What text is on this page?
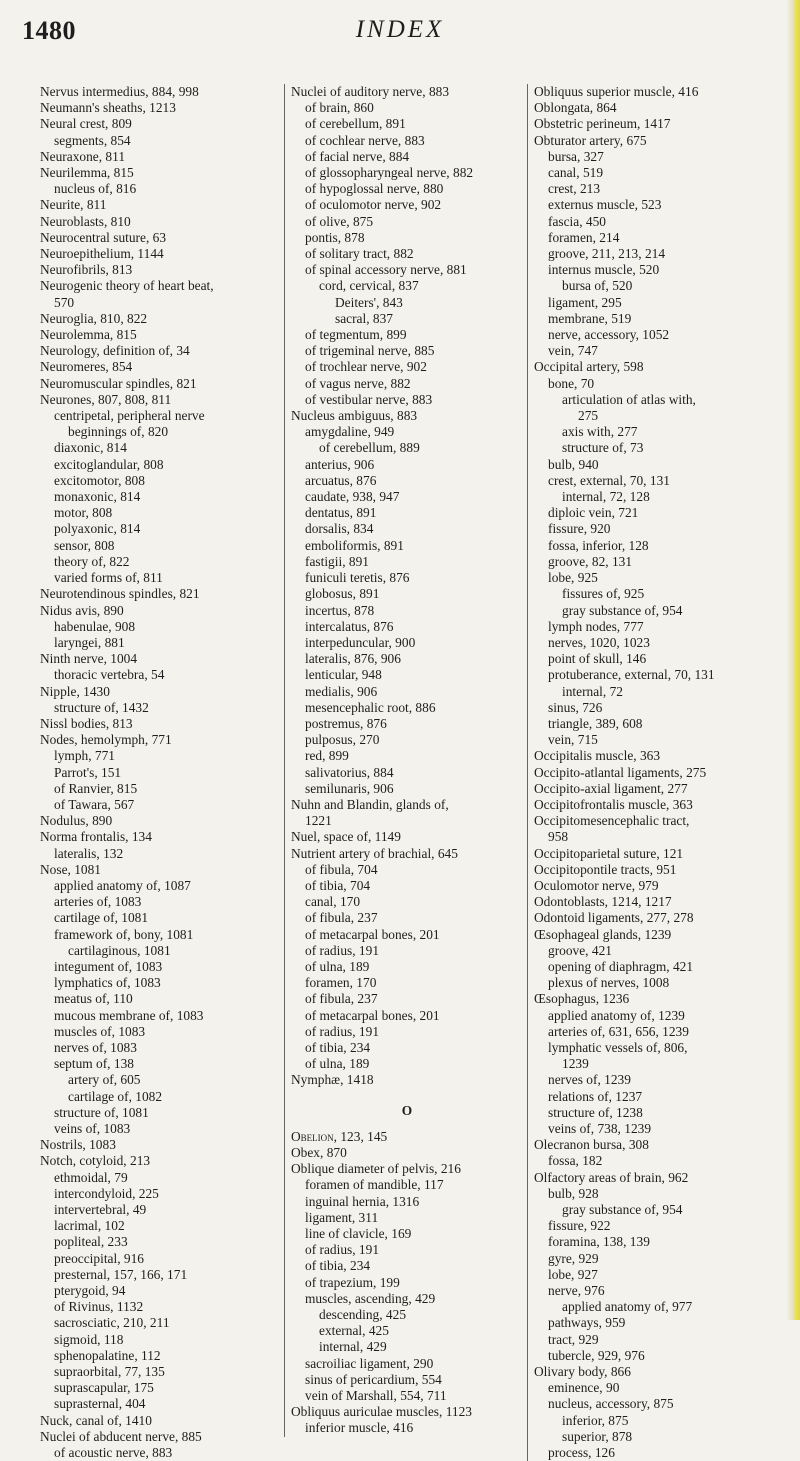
1480	INDEX
Nervus intermedius, 884, 998
Neumann's sheaths, 1213
Neural crest, 809
segments, 854
Neuraxone, 811
Neurilemma, 815
nucleus of, 816
Neurite, 811
Neuroblasts, 810
Neurocentral suture, 63
Neuroepithelium, 1144
Neurofibrils, 813
Neurogenic theory of heart beat,
570
Neuroglia, 810, 822
Neurolemma, 815
Neurology, definition of, 34
Neuromeres, 854
Neuromuscular spindles, 821
Neurones, 807, 808, 811
centripetal, peripheral nerve
beginnings of, 820
diaxonic, 814
excitoglandular, 808
excitomotor, 808
monaxonic, 814
motor, 808
polyaxonic, 814
sensor, 808
theory of, 822
varied forms of, 811
Neurotendinous spindles, 821
Nidus avis, 890
habenulae, 908
laryngei, 881
Ninth nerve, 1004
thoracic vertebra, 54
Nipple, 1430
structure of, 1432
Nissl bodies, 813
Nodes, hemolymph, 771
lymph, 771
Parrot's, 151
of Ranvier, 815
of Tawara, 567
Nodulus, 890
Norma frontalis, 134
lateralis, 132
Nose, 1081
applied anatomy of, 1087
arteries of, 1083
cartilage of, 1081
framework of, bony, 1081
cartilaginous, 1081
integument of, 1083
lymphatics of, 1083
meatus of, 110
mucous membrane of, 1083
muscles of, 1083
nerves of, 1083
septum of, 138
artery of, 605
cartilage of, 1082
structure of, 1081
veins of, 1083
Nostrils, 1083
Notch, cotyloid, 213
ethmoidal, 79
intercondyloid, 225
intervertebral, 49
lacrimal, 102
popliteal, 233
preoccipital, 916
presternal, 157, 166, 171
pterygoid, 94
of Rivinus, 1132
sacrosciatic, 210, 211
sigmoid, 118
sphenopalatine, 112
supraorbital, 77, 135
suprascapular, 175
suprasternal, 404
Nuck, canal of, 1410
Nuclei of abducent nerve, 885
of acoustic nerve, 883
Nuclei of auditory nerve, 883
of brain, 860
of cerebellum, 891
of cochlear nerve, 883
of facial nerve, 884
of glossopharyngeal nerve, 882
of hypoglossal nerve, 880
of oculomotor nerve, 902
of olive, 875
pontis, 878
of solitary tract, 882
of spinal accessory nerve, 881
cord, cervical, 837
Deiters', 843
sacral, 837
of tegmentum, 899
of trigeminal nerve, 885
of trochlear nerve, 902
of vagus nerve, 882
of vestibular nerve, 883
Nucleus ambiguus, 883
amygdaline, 949
of cerebellum, 889
anterius, 906
arcuatus, 876
caudate, 938, 947
dentatus, 891
dorsalis, 834
emboliformis, 891
fastigii, 891
funiculi teretis, 876
globosus, 891
incertus, 878
intercalatus, 876
interpeduncular, 900
lateralis, 876, 906
lenticular, 948
medialis, 906
mesencephalic root, 886
postremus, 876
pulposus, 270
red, 899
salivatorius, 884
semilunaris, 906
Nuhn and Blandin, glands of,
1221
Nuel, space of, 1149
Nutrient artery of brachial, 645
of fibula, 704
of tibia, 704
canal, 170
of fibula, 237
of metacarpal bones, 201
of radius, 191
of ulna, 189
foramen, 170
of fibula, 237
of metacarpal bones, 201
of radius, 191
of tibia, 234
of ulna, 189
Nymphæ, 1418
O
Obelion, 123, 145
Obex, 870
Oblique diameter of pelvis, 216
foramen of mandible, 117
inguinal hernia, 1316
ligament, 311
line of clavicle, 169
of radius, 191
of tibia, 234
of trapezium, 199
muscles, ascending, 429
descending, 425
external, 425
internal, 429
sacroiliac ligament, 290
sinus of pericardium, 554
vein of Marshall, 554, 711
Obliquus auriculae muscles, 1123
inferior muscle, 416
Obliquus superior muscle, 416
Oblongata, 864
Obstetric perineum, 1417
Obturator artery, 675
bursa, 327
canal, 519
crest, 213
externus muscle, 523
fascia, 450
foramen, 214
groove, 211, 213, 214
internus muscle, 520
bursa of, 520
ligament, 295
membrane, 519
nerve, accessory, 1052
vein, 747
Occipital artery, 598
bone, 70
articulation of atlas with,
275
axis with, 277
structure of, 73
bulb, 940
crest, external, 70, 131
internal, 72, 128
diploic vein, 721
fissure, 920
fossa, inferior, 128
groove, 82, 131
lobe, 925
fissures of, 925
gray substance of, 954
lymph nodes, 777
nerves, 1020, 1023
point of skull, 146
protuberance, external, 70, 131
internal, 72
sinus, 726
triangle, 389, 608
vein, 715
Occipitalis muscle, 363
Occipito-atlantal ligaments, 275
Occipito-axial ligament, 277
Occipitofrontalis muscle, 363
Occipitomesencephalic tract,
958
Occipitoparietal suture, 121
Occipitopontile tracts, 951
Oculomotor nerve, 979
Odontoblasts, 1214, 1217
Odontoid ligaments, 277, 278
Œsophageal glands, 1239
groove, 421
opening of diaphragm, 421
plexus of nerves, 1008
Œsophagus, 1236
applied anatomy of, 1239
arteries of, 631, 656, 1239
lymphatic vessels of, 806,
1239
nerves of, 1239
relations of, 1237
structure of, 1238
veins of, 738, 1239
Olecranon bursa, 308
fossa, 182
Olfactory areas of brain, 962
bulb, 928
gray substance of, 954
fissure, 922
foramina, 138, 139
gyre, 929
lobe, 927
nerve, 976
applied anatomy of, 977
pathways, 959
tract, 929
tubercle, 929, 976
Olivary body, 866
eminence, 90
nucleus, accessory, 875
inferior, 875
superior, 878
process, 126
